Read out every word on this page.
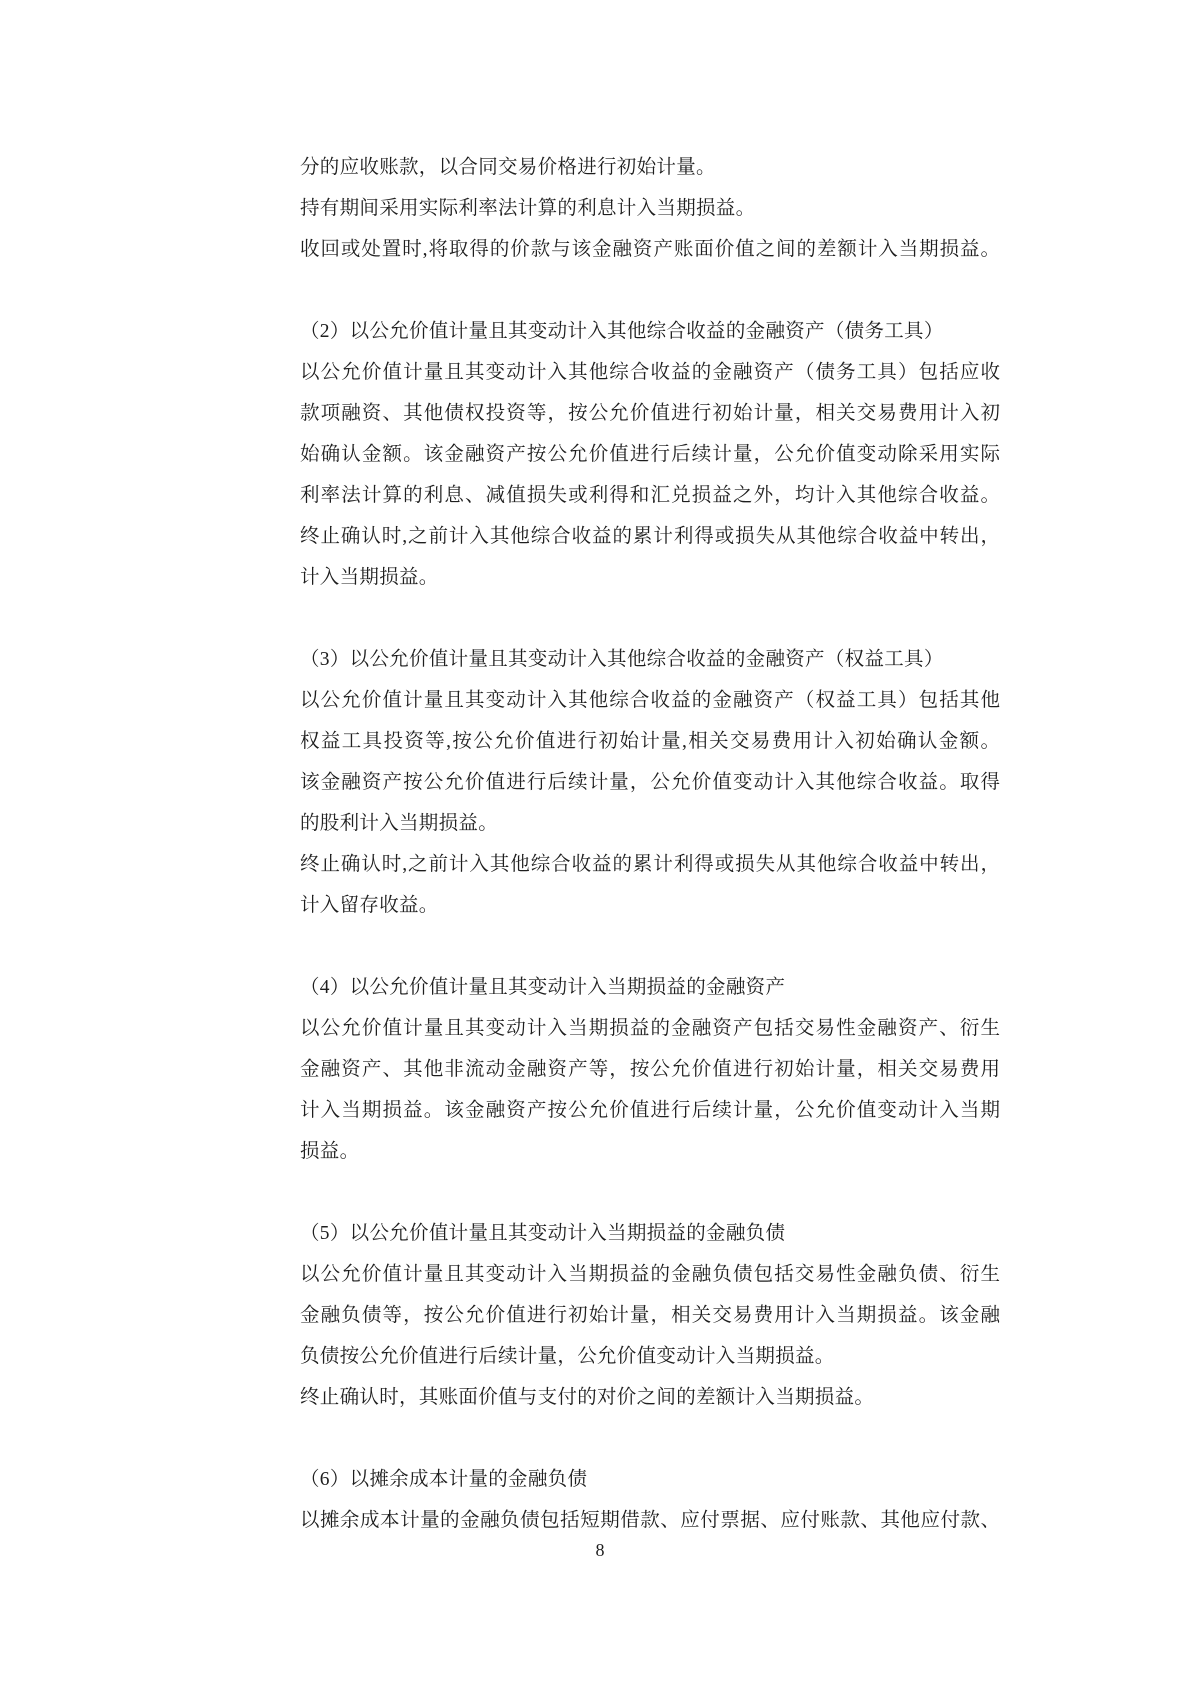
分的应收账款，以合同交易价格进行初始计量。
持有期间采用实际利率法计算的利息计入当期损益。
收回或处置时,将取得的价款与该金融资产账面价值之间的差额计入当期损益。
（2）以公允价值计量且其变动计入其他综合收益的金融资产（债务工具）
以公允价值计量且其变动计入其他综合收益的金融资产（债务工具）包括应收
款项融资、其他债权投资等，按公允价值进行初始计量，相关交易费用计入初
始确认金额。该金融资产按公允价值进行后续计量，公允价值变动除采用实际
利率法计算的利息、减值损失或利得和汇兑损益之外，均计入其他综合收益。
终止确认时,之前计入其他综合收益的累计利得或损失从其他综合收益中转出，
计入当期损益。
（3）以公允价值计量且其变动计入其他综合收益的金融资产（权益工具）
以公允价值计量且其变动计入其他综合收益的金融资产（权益工具）包括其他
权益工具投资等,按公允价值进行初始计量,相关交易费用计入初始确认金额。
该金融资产按公允价值进行后续计量，公允价值变动计入其他综合收益。取得
的股利计入当期损益。
终止确认时,之前计入其他综合收益的累计利得或损失从其他综合收益中转出，
计入留存收益。
（4）以公允价值计量且其变动计入当期损益的金融资产
以公允价值计量且其变动计入当期损益的金融资产包括交易性金融资产、衍生
金融资产、其他非流动金融资产等，按公允价值进行初始计量，相关交易费用
计入当期损益。该金融资产按公允价值进行后续计量，公允价值变动计入当期
损益。
（5）以公允价值计量且其变动计入当期损益的金融负债
以公允价值计量且其变动计入当期损益的金融负债包括交易性金融负债、衍生
金融负债等，按公允价值进行初始计量，相关交易费用计入当期损益。该金融
负债按公允价值进行后续计量，公允价值变动计入当期损益。
终止确认时，其账面价值与支付的对价之间的差额计入当期损益。
（6）以摊余成本计量的金融负债
以摊余成本计量的金融负债包括短期借款、应付票据、应付账款、其他应付款、
8
